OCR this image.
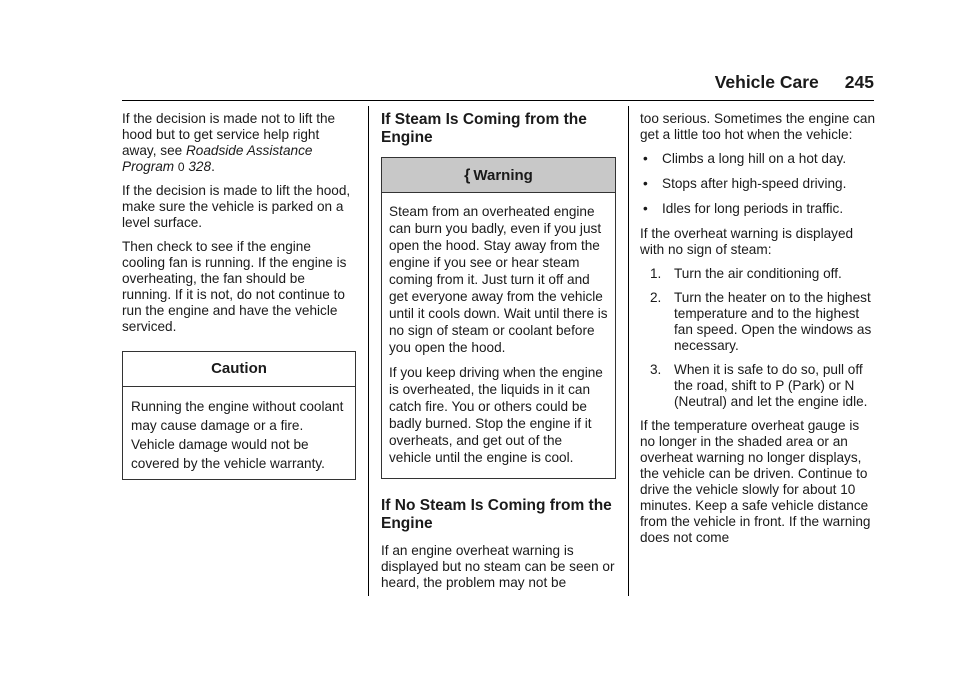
Vehicle Care 245

If the decision is made not to lift the hood but to get service help right away, see Roadside Assistance Program 0 328.

If the decision is made to lift the hood, make sure the vehicle is parked on a level surface.

Then check to see if the engine cooling fan is running. If the engine is overheating, the fan should be running. If it is not, do not continue to run the engine and have the vehicle serviced.

Caution
Running the engine without coolant may cause damage or a fire. Vehicle damage would not be covered by the vehicle warranty.
If Steam Is Coming from the Engine
{ Warning

Steam from an overheated engine can burn you badly, even if you just open the hood. Stay away from the engine if you see or hear steam coming from it. Just turn it off and get everyone away from the vehicle until it cools down. Wait until there is no sign of steam or coolant before you open the hood.

If you keep driving when the engine is overheated, the liquids in it can catch fire. You or others could be badly burned. Stop the engine if it overheats, and get out of the vehicle until the engine is cool.

If No Steam Is Coming from the Engine

If an engine overheat warning is displayed but no steam can be seen or heard, the problem may not be

too serious. Sometimes the engine can get a little too hot when the vehicle:

• Climbs a long hill on a hot day.
• Stops after high-speed driving.
• Idles for long periods in traffic.

If the overheat warning is displayed with no sign of steam:

1. Turn the air conditioning off.
2. Turn the heater on to the highest temperature and to the highest fan speed. Open the windows as necessary.
3. When it is safe to do so, pull off the road, shift to P (Park) or N (Neutral) and let the engine idle.

If the temperature overheat gauge is no longer in the shaded area or an overheat warning no longer displays, the vehicle can be driven. Continue to drive the vehicle slowly for about 10 minutes. Keep a safe vehicle distance from the vehicle in front. If the warning does not come
